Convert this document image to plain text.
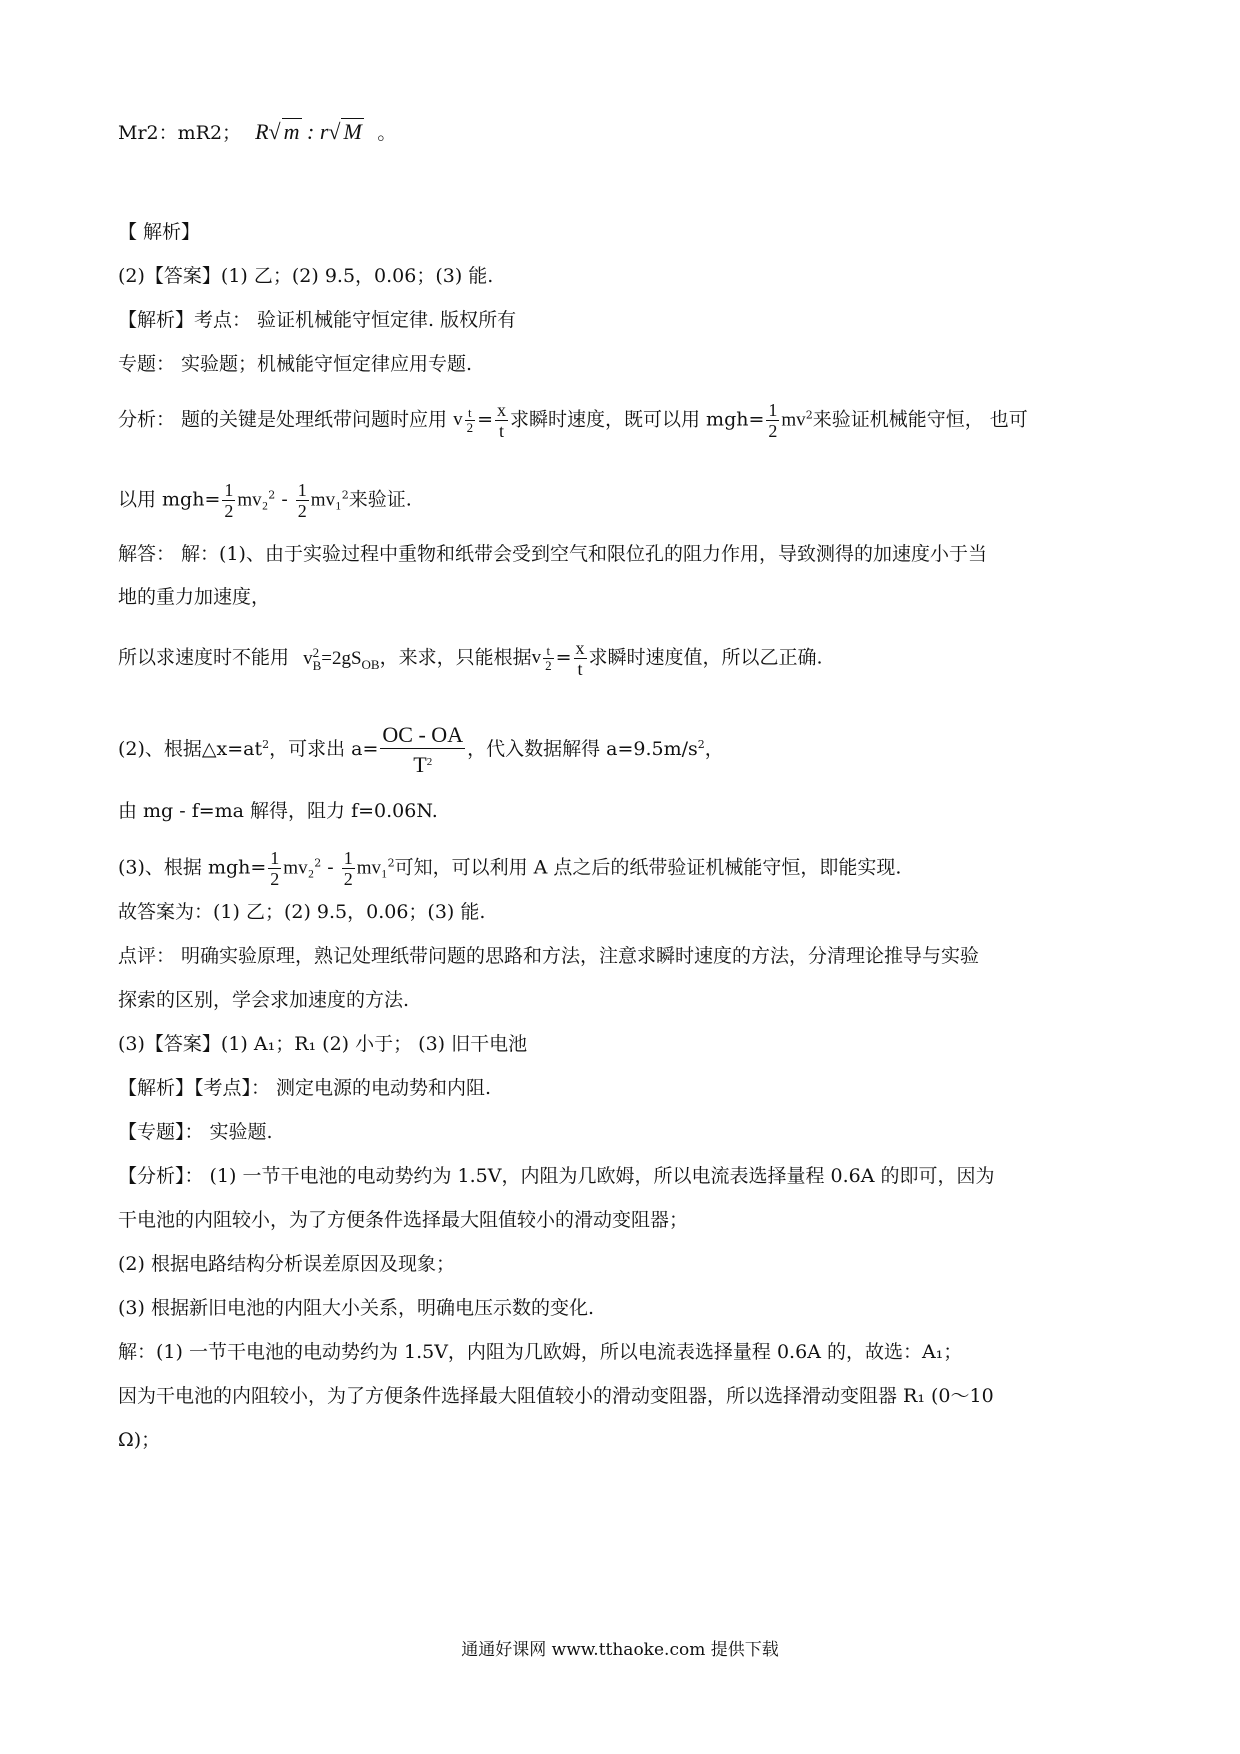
Mr2：mR2； R√ m : r√ M 。
【 解析】
(2)【答案】(1) 乙；(2) 9.5，0.06；(3) 能.
【解析】考点： 验证机械能守恒定律. 版权所有
专题： 实验题；机械能守恒定律应用专题.
分析： 题的关键是处理纸带问题时应用 v $\frac{t}{2} = \frac{x}{t}$ 求瞬时速度，既可以用 $mgh= \frac{1}{2} mv^2$来验证机械能守恒， 也可
以用 $mgh= \frac{1}{2} mv_2^2 - \frac{1}{2} mv_1^2$来验证.
解答： 解：(1)、由于实验过程中重物和纸带会受到空气和限位孔的阻力作用，导致测得的加速度小于当
地的重力加速度，
所以求速度时不能用 v 2
$B=2gS_{OB}$，来求，只能根据v $\frac{t}{2} = \frac{x}{t}$ 求瞬时速度值，所以乙正确.
(2)、根据$\triangle x=at^2$，可求出 $a= \frac{OC - OA}{T^2}$ ，代入数据解得 $a=9.5m/s^2$，
由 mg - f=ma 解得，阻力 f=0.06N.
(3)、根据 $mgh= \frac{1}{2} mv_2^2 - \frac{1}{2} mv_1^2$可知，可以利用 A 点之后的纸带验证机械能守恒，即能实现.
故答案为：(1) 乙；(2) 9.5，0.06；(3) 能.
点评： 明确实验原理，熟记处理纸带问题的思路和方法，注意求瞬时速度的方法，分清理论推导与实验
探索的区别，学会求加速度的方法.
(3)【答案】(1) A₁；R₁ (2) 小于； (3) 旧干电池
【解析】【考点】： 测定电源的电动势和内阻.
【专题】： 实验题.
【分析】： (1) 一节干电池的电动势约为 1.5V，内阻为几欧姆，所以电流表选择量程 0.6A 的即可，因为
干电池的内阻较小，为了方便条件选择最大阻值较小的滑动变阻器；
(2) 根据电路结构分析误差原因及现象；
(3) 根据新旧电池的内阻大小关系，明确电压示数的变化.
解：(1) 一节干电池的电动势约为 1.5V，内阻为几欧姆，所以电流表选择量程 0.6A 的，故选：A₁；
因为干电池的内阻较小，为了方便条件选择最大阻值较小的滑动变阻器，所以选择滑动变阻器 R₁ (0～10
Ω)；
通通好课网 www.tthaoke.com 提供下载
